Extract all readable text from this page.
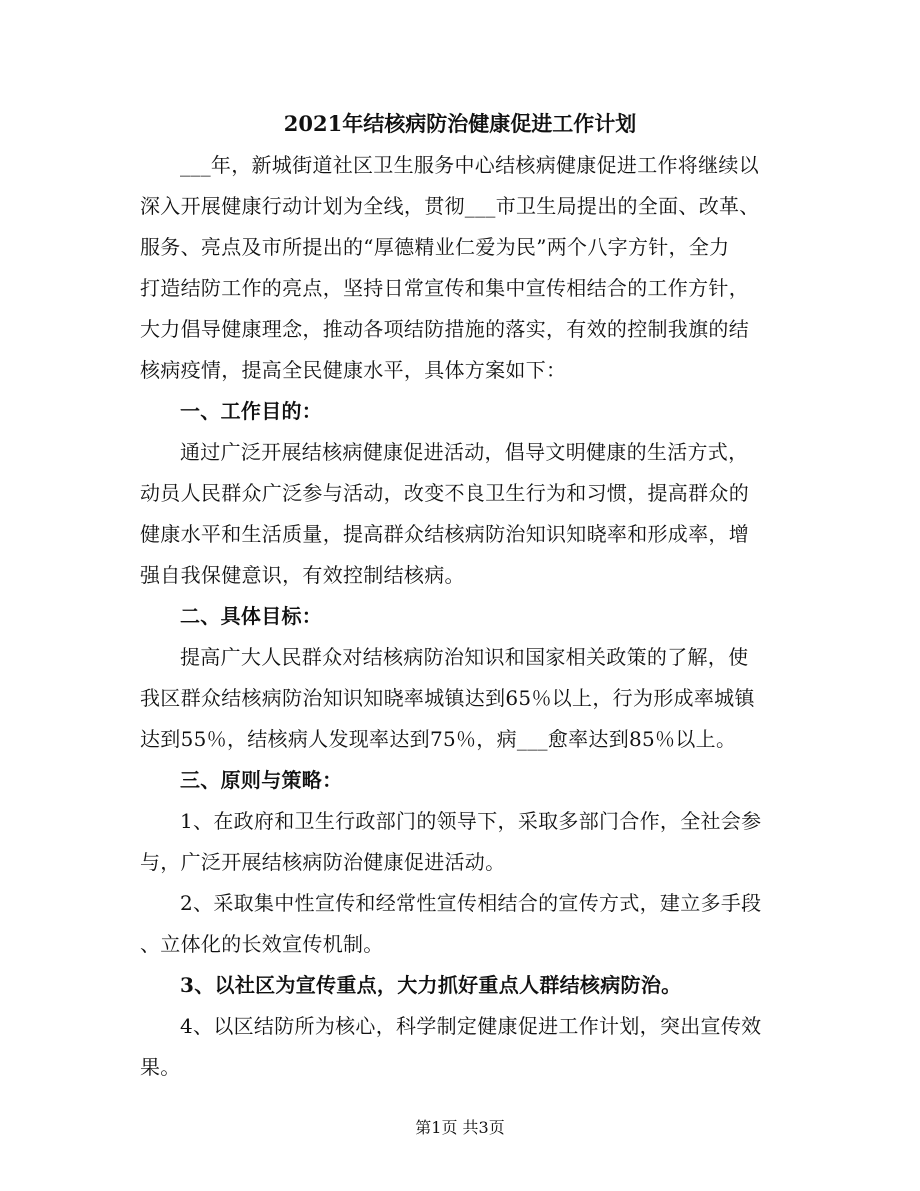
2021年结核病防治健康促进工作计划
___年，新城街道社区卫生服务中心结核病健康促进工作将继续以
深入开展健康行动计划为全线，贯彻___市卫生局提出的全面、改革、
服务、亮点及市所提出的“厚德精业仁爱为民”两个八字方针，全力
打造结防工作的亮点，坚持日常宣传和集中宣传相结合的工作方针，
大力倡导健康理念，推动各项结防措施的落实，有效的控制我旗的结
核病疫情，提高全民健康水平，具体方案如下：
一、工作目的：
通过广泛开展结核病健康促进活动，倡导文明健康的生活方式，
动员人民群众广泛参与活动，改变不良卫生行为和习惯，提高群众的
健康水平和生活质量，提高群众结核病防治知识知晓率和形成率，增
强自我保健意识，有效控制结核病。
二、具体目标：
提高广大人民群众对结核病防治知识和国家相关政策的了解，使
我区群众结核病防治知识知晓率城镇达到65％以上，行为形成率城镇
达到55％，结核病人发现率达到75％，病___愈率达到85％以上。
三、原则与策略：
1、在政府和卫生行政部门的领导下，采取多部门合作，全社会参
与，广泛开展结核病防治健康促进活动。
2、采取集中性宣传和经常性宣传相结合的宣传方式，建立多手段
、立体化的长效宣传机制。
3、以社区为宣传重点，大力抓好重点人群结核病防治。
4、以区结防所为核心，科学制定健康促进工作计划，突出宣传效
第1页 共3页
果。
